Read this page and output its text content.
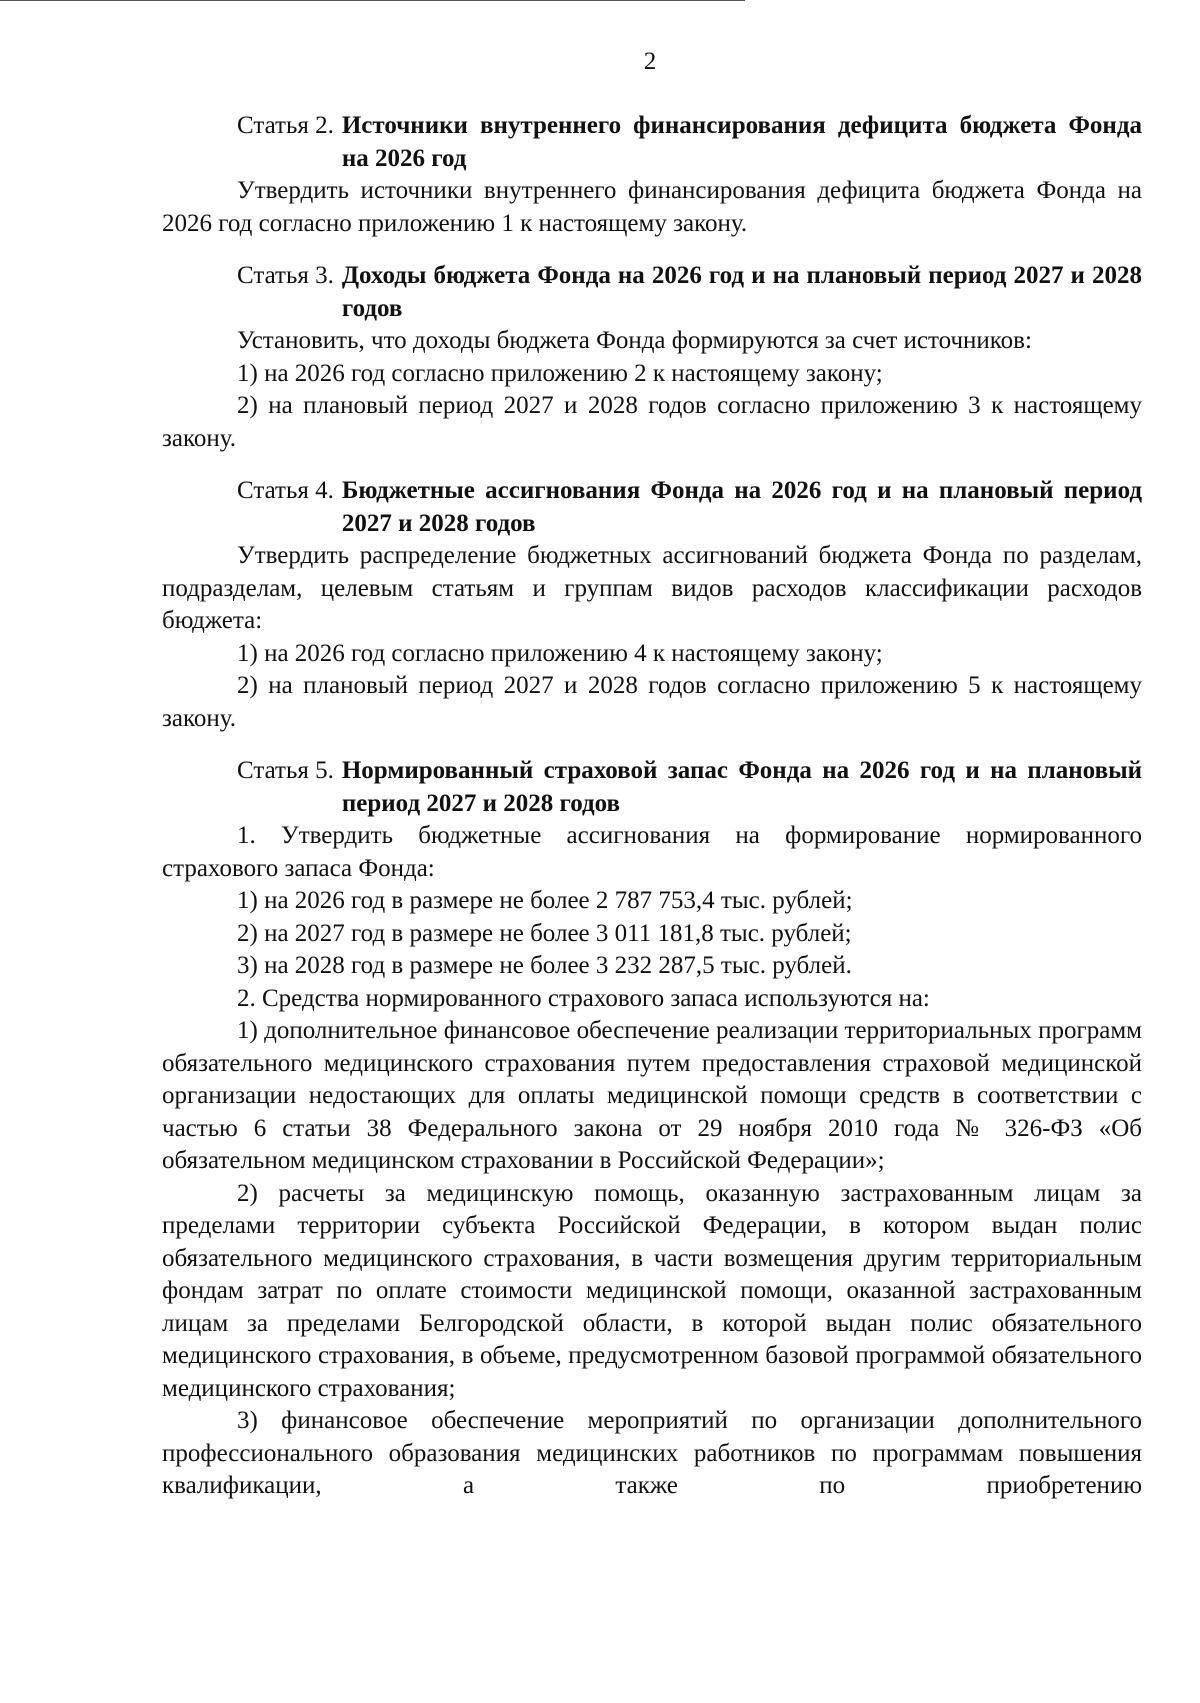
2
Статья 2. Источники внутреннего финансирования дефицита бюджета Фонда на 2026 год

Утвердить источники внутреннего финансирования дефицита бюджета Фонда на 2026 год согласно приложению 1 к настоящему закону.

Статья 3. Доходы бюджета Фонда на 2026 год и на плановый период 2027 и 2028 годов

Установить, что доходы бюджета Фонда формируются за счет источников:

1) на 2026 год согласно приложению 2 к настоящему закону;

2) на плановый период 2027 и 2028 годов согласно приложению 3 к настоящему закону.

Статья 4. Бюджетные ассигнования Фонда на 2026 год и на плановый период 2027 и 2028 годов

Утвердить распределение бюджетных ассигнований бюджета Фонда по разделам, подразделам, целевым статьям и группам видов расходов классификации расходов бюджета:

1) на 2026 год согласно приложению 4 к настоящему закону;

2) на плановый период 2027 и 2028 годов согласно приложению 5 к настоящему закону.

Статья 5. Нормированный страховой запас Фонда на 2026 год и на плановый период 2027 и 2028 годов

1. Утвердить бюджетные ассигнования на формирование нормированного страхового запаса Фонда:

1) на 2026 год в размере не более 2 787 753,4 тыс. рублей;

2) на 2027 год в размере не более 3 011 181,8 тыс. рублей;

3) на 2028 год в размере не более 3 232 287,5 тыс. рублей.

2. Средства нормированного страхового запаса используются на:

1) дополнительное финансовое обеспечение реализации территориальных программ обязательного медицинского страхования путем предоставления страховой медицинской организации недостающих для оплаты медицинской помощи средств в соответствии с частью 6 статьи 38 Федерального закона от 29 ноября 2010 года № 326-ФЗ «Об обязательном медицинском страховании в Российской Федерации»;

2) расчеты за медицинскую помощь, оказанную застрахованным лицам за пределами территории субъекта Российской Федерации, в котором выдан полис обязательного медицинского страхования, в части возмещения другим территориальным фондам затрат по оплате стоимости медицинской помощи, оказанной застрахованным лицам за пределами Белгородской области, в которой выдан полис обязательного медицинского страхования, в объеме, предусмотренном базовой программой обязательного медицинского страхования;

3) финансовое обеспечение мероприятий по организации дополнительного профессионального образования медицинских работников по программам повышения квалификации, а также по приобретению
